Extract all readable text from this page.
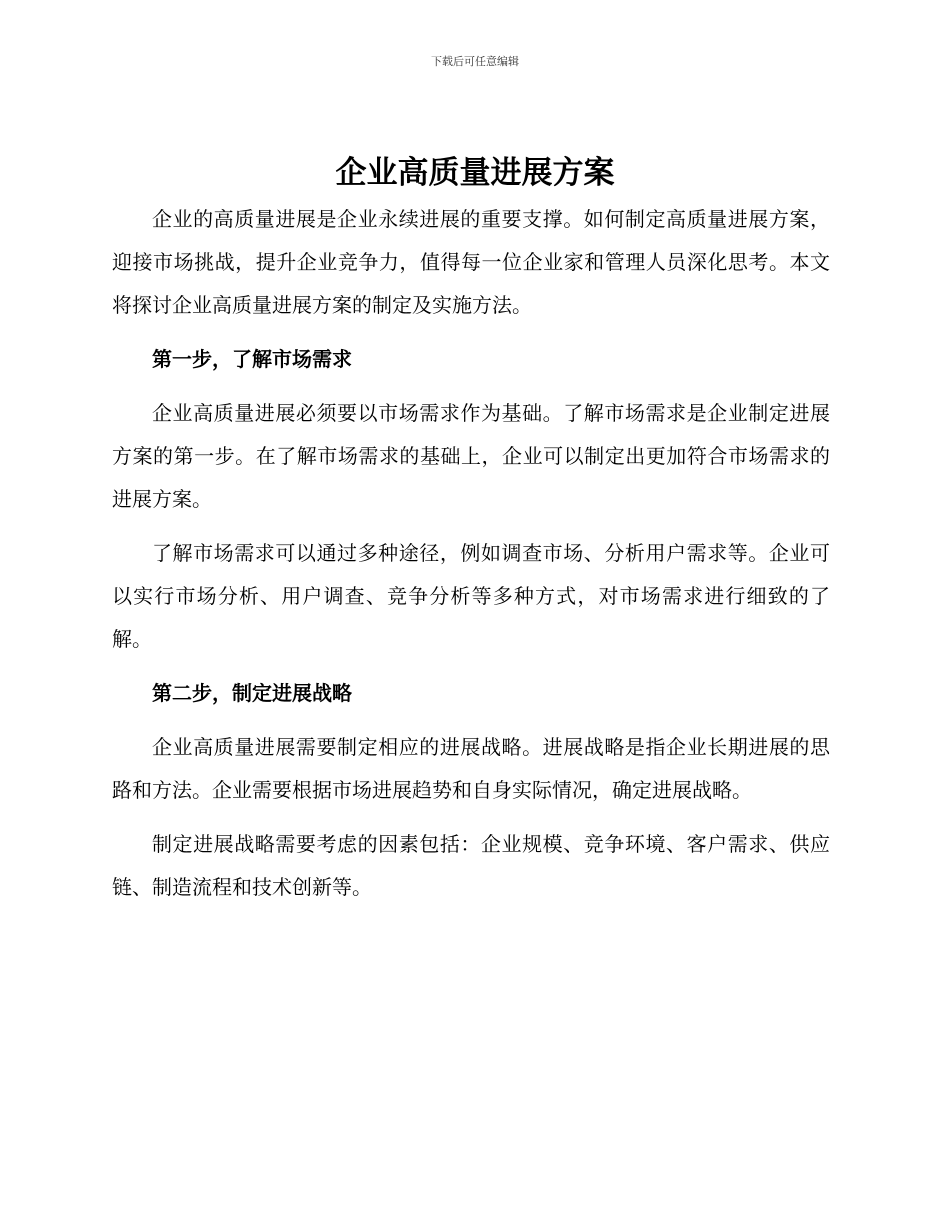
下载后可任意编辑
企业高质量进展方案

企业的高质量进展是企业永续进展的重要支撑。如何制定高质量进展方案，迎接市场挑战，提升企业竞争力，值得每一位企业家和管理人员深化思考。本文将探讨企业高质量进展方案的制定及实施方法。

第一步，了解市场需求

企业高质量进展必须要以市场需求作为基础。了解市场需求是企业制定进展方案的第一步。在了解市场需求的基础上，企业可以制定出更加符合市场需求的进展方案。

了解市场需求可以通过多种途径，例如调查市场、分析用户需求等。企业可以实行市场分析、用户调查、竞争分析等多种方式，对市场需求进行细致的了解。

第二步，制定进展战略

企业高质量进展需要制定相应的进展战略。进展战略是指企业长期进展的思路和方法。企业需要根据市场进展趋势和自身实际情况，确定进展战略。

制定进展战略需要考虑的因素包括：企业规模、竞争环境、客户需求、供应链、制造流程和技术创新等。
